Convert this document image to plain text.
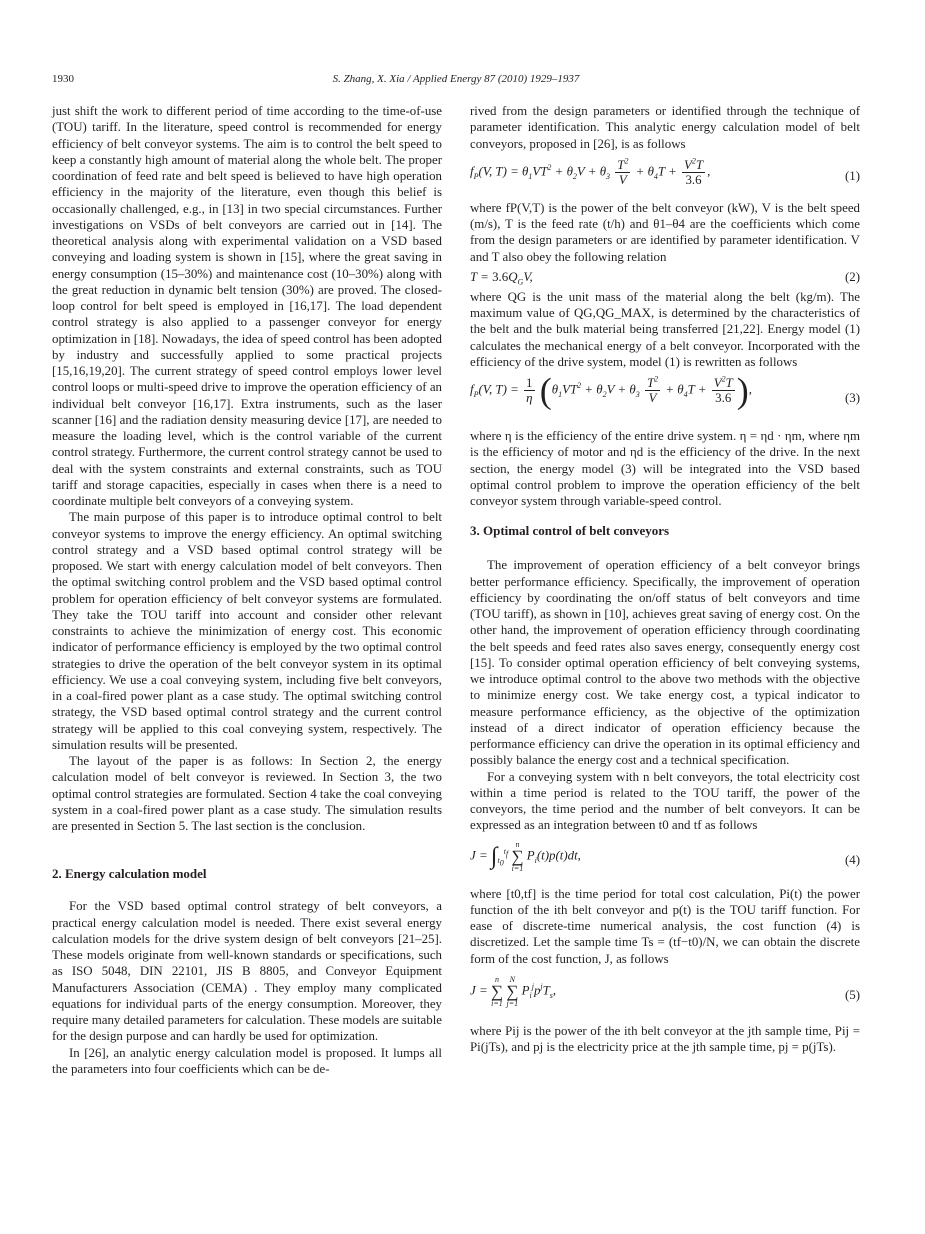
1930	S. Zhang, X. Xia / Applied Energy 87 (2010) 1929–1937

just shift the work to different period of time according to the time-of-use (TOU) tariff. In the literature, speed control is recommended for energy efficiency of belt conveyor systems. The aim is to control the belt speed to keep a constantly high amount of material along the whole belt. The proper coordination of feed rate and belt speed is believed to have high operation efficiency in the majority of the literature, even though this belief is occasionally challenged, e.g., in [13] in two special circumstances. Further investigations on VSDs of belt conveyors are carried out in [14]. The theoretical analysis along with experimental validation on a VSD based conveying and loading system is shown in [15], where the great saving in energy consumption (15–30%) and maintenance cost (10–30%) along with the great reduction in dynamic belt tension (30%) are proved. The closed-loop control for belt speed is employed in [16,17]. The load dependent control strategy is also applied to a passenger conveyor for energy optimization in [18]. Nowadays, the idea of speed control has been adopted by industry and successfully applied to some practical projects [15,16,19,20]. The current strategy of speed control employs lower level control loops or multi-speed drive to improve the operation efficiency of an individual belt conveyor [16,17]. Extra instruments, such as the laser scanner [16] and the radiation density measuring device [17], are needed to measure the loading level, which is the control variable of the current control strategy. Furthermore, the current control strategy cannot be used to deal with the system constraints and external constraints, such as TOU tariff and storage capacities, especially in cases when there is a need to coordinate multiple belt conveyors of a conveying system.

The main purpose of this paper is to introduce optimal control to belt conveyor systems to improve the energy efficiency. An optimal switching control strategy and a VSD based optimal control strategy will be proposed. We start with energy calculation model of belt conveyors. Then the optimal switching control problem and the VSD based optimal control problem for operation efficiency of belt conveyor systems are formulated. They take the TOU tariff into account and consider other relevant constraints to achieve the minimization of energy cost. This economic indicator of performance efficiency is employed by the two optimal control strategies to drive the operation of the belt conveyor system in its optimal efficiency. We use a coal conveying system, including five belt conveyors, in a coal-fired power plant as a case study. The optimal switching control strategy, the VSD based optimal control strategy and the current control strategy will be applied to this coal conveying system, respectively. The simulation results will be presented.

The layout of the paper is as follows: In Section 2, the energy calculation model of belt conveyor is reviewed. In Section 3, the two optimal control strategies are formulated. Section 4 take the coal conveying system in a coal-fired power plant as a case study. The simulation results are presented in Section 5. The last section is the conclusion.

2. Energy calculation model

For the VSD based optimal control strategy of belt conveyors, a practical energy calculation model is needed. There exist several energy calculation models for the drive system design of belt conveyors [21–25]. These models originate from well-known standards or specifications, such as ISO 5048, DIN 22101, JIS B 8805, and Conveyor Equipment Manufacturers Association (CEMA) . They employ many complicated equations for individual parts of the energy consumption. Moreover, they require many detailed parameters for calculation. These models are suitable for the design purpose and can hardly be used for optimization.

In [26], an analytic energy calculation model is proposed. It lumps all the parameters into four coefficients which can be de-

rived from the design parameters or identified through the technique of parameter identification. This analytic energy calculation model of belt conveyors, proposed in [26], is as follows

$f_P(V$, $T) = \theta_1VT^2 + \theta_2V + \theta_3 \frac{T^2}{V} + \theta_4T + \frac{V^2T}{3.6}$ ,	(1)

where fP(V,T) is the power of the belt conveyor (kW), V is the belt speed (m/s), T is the feed rate (t/h) and θ1–θ4 are the coefficients which come from the design parameters or are identified by parameter identification. V and T also obey the following relation

$T = 3.6Q_GV$,	(2)

where QG is the unit mass of the material along the belt (kg/m). The maximum value of QG,QG_MAX, is determined by the characteristics of the belt and the bulk material being transferred [21,22]. Energy model (1) calculates the mechanical energy of a belt conveyor. Incorporated with the efficiency of the drive system, model (1) is rewritten as follows

$f_P(V$, $T) = \frac{1}{\eta} (\theta_1VT^2 + \theta_2V + \theta_3 \frac{T^2}{V} + \theta_4T + \frac{V^2T}{3.6}$ ),
(3)

where η is the efficiency of the entire drive system. η = ηd · ηm, where ηm is the efficiency of motor and ηd is the efficiency of the drive. In the next section, the energy model (3) will be integrated into the VSD based optimal control problem to improve the operation efficiency of the belt conveyor system through variable-speed control.

3. Optimal control of belt conveyors

The improvement of operation efficiency of a belt conveyor brings better performance efficiency. Specifically, the improvement of operation efficiency by coordinating the on/off status of belt conveyors and time (TOU tariff), as shown in [10], achieves great saving of energy cost. On the other hand, the improvement of operation efficiency through coordinating the belt speeds and feed rates also saves energy, consequently energy cost [15]. To consider optimal operation efficiency of belt conveying systems, we introduce optimal control to the above two methods with the objective to minimize energy cost. We take energy cost, a typical indicator to measure performance efficiency, as the objective of the optimization instead of a direct indicator of operation efficiency because the performance efficiency can drive the operation in its optimal efficiency and possibly balance the energy cost and a technical specification.

For a conveying system with n belt conveyors, the total electricity cost within a time period is related to the TOU tariff, the power of the conveyors, the time period and the number of belt conveyors. It can be expressed as an integration between t0 and tf as follows

$J = \int_{t_0}^{t_f}$
n
∑
i=1
$P_i(t)p(t)dt$,	(4)

where [t0,tf] is the time period for total cost calculation, Pi(t) the power function of the ith belt conveyor and p(t) is the TOU tariff function. For ease of discrete-time numerical analysis, the cost function (4) is discretized. Let the sample time Ts = (tf−t0)/N, we can obtain the discrete form of the cost function, J, as follows

J =
n
∑
i=1

N
∑
j=1
$P_i^jp^jT_s$,	(5)

where Pij is the power of the ith belt conveyor at the jth sample time, Pij = Pi(jTs), and pj is the electricity price at the jth sample time, pj = p(jTs).
